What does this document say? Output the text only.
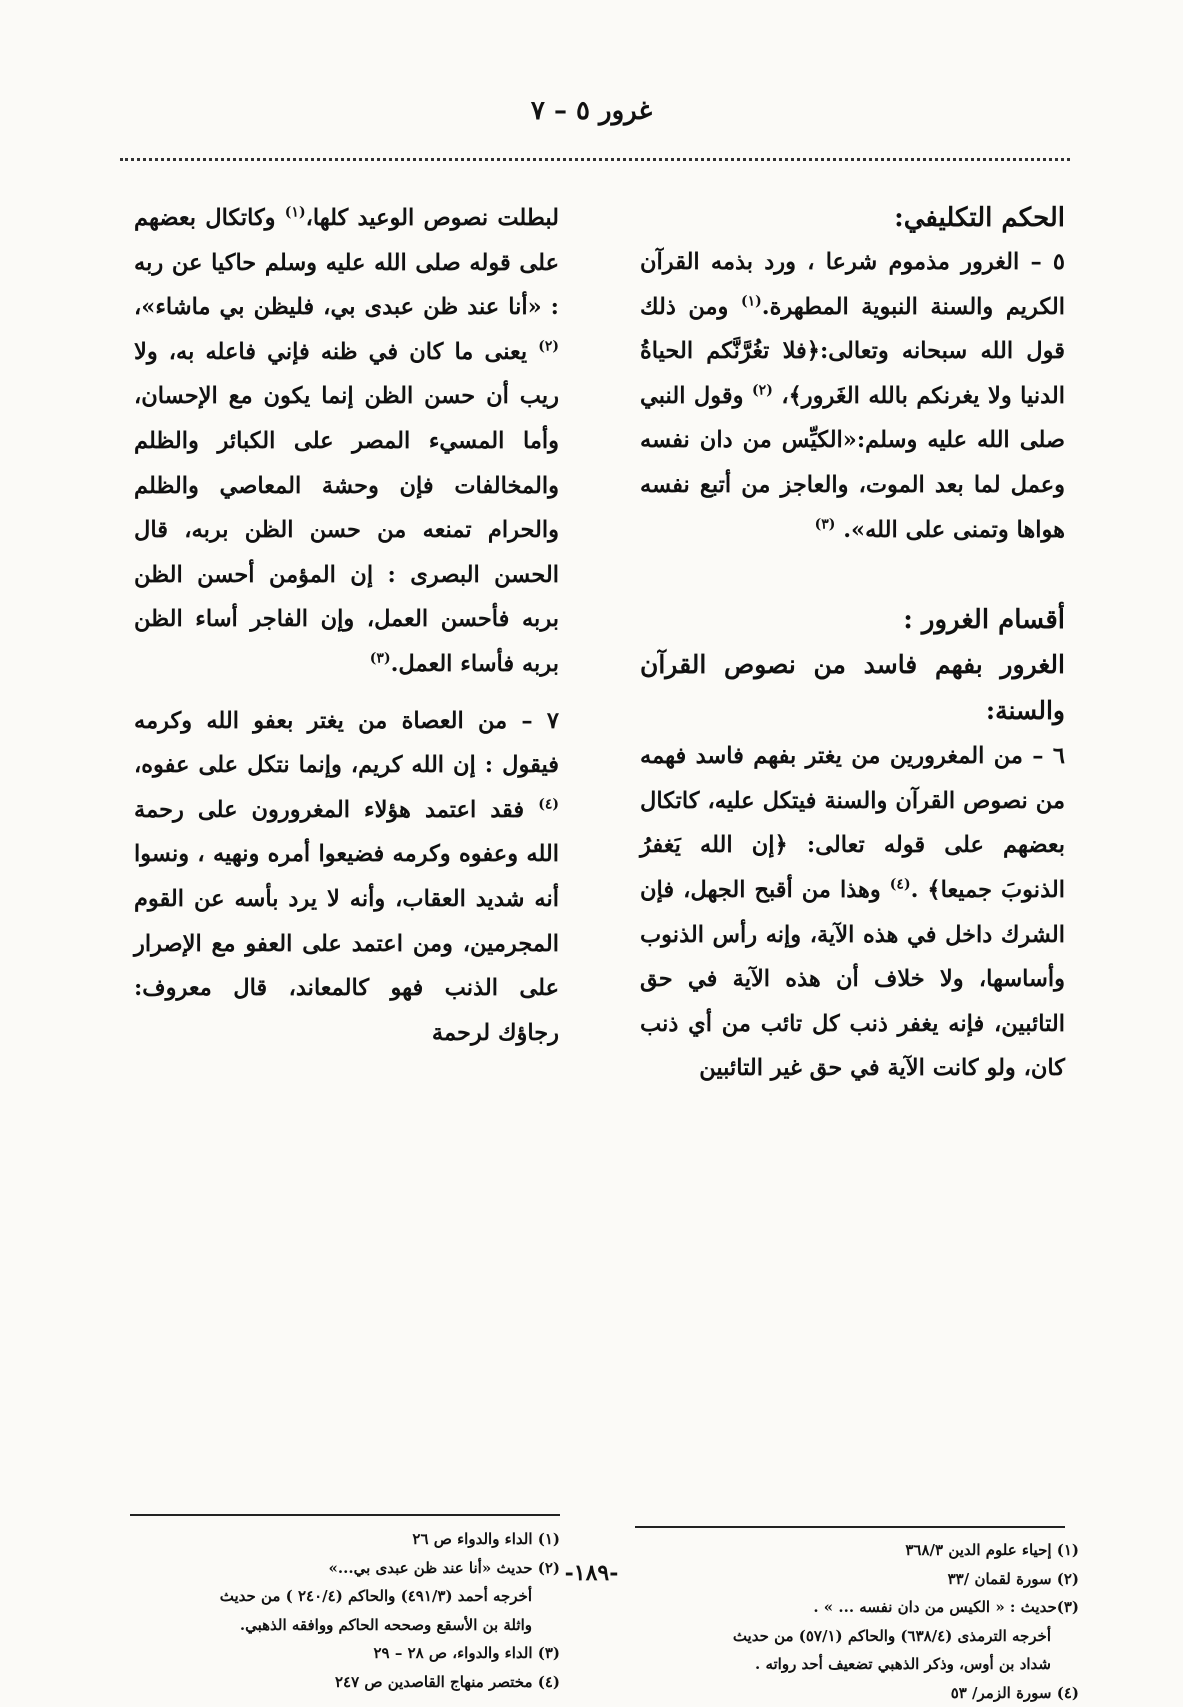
غرور ٥ – ٧
الحكم التكليفي:

٥ – الغرور مذموم شرعا ، ورد بذمه القرآن الكريم والسنة النبوية المطهرة.$^{(١)}$ ومن ذلك قول الله سبحانه وتعالى:﴿فلا تغُرَّنَّكم الحياةُ الدنيا ولا يغرنكم بالله الغَرور﴾، $^{(٢)}$ وقول النبي صلى الله عليه وسلم:«الكيِّس من دان نفسه وعمل لما بعد الموت، والعاجز من أتبع نفسه هواها وتمنى على الله». $^{(٣)}$

أقسام الغرور :
الغرور بفهم فاسد من نصوص القرآن والسنة:

٦ – من المغرورين من يغتر بفهم فاسد فهمه من نصوص القرآن والسنة فيتكل عليه، كاتكال بعضهم على قوله تعالى: ﴿إن الله يَغفرُ الذنوبَ جميعا﴾ .$^{(٤)}$ وهذا من أقبح الجهل، فإن الشرك داخل في هذه الآية، وإنه رأس الذنوب وأساسها، ولا خلاف أن هذه الآية في حق التائبين، فإنه يغفر ذنب كل تائب من أي ذنب كان، ولو كانت الآية في حق غير التائبين

لبطلت نصوص الوعيد كلها،$^{(١)}$ وكاتكال بعضهم على قوله صلى الله عليه وسلم حاكيا عن ربه : «أنا عند ظن عبدى بي، فليظن بي ماشاء»، $^{(٢)}$ يعنى ما كان في ظنه فإني فاعله به، ولا ريب أن حسن الظن إنما يكون مع الإحسان، وأما المسيء المصر على الكبائر والظلم والمخالفات فإن وحشة المعاصي والظلم والحرام تمنعه من حسن الظن بربه، قال الحسن البصرى : إن المؤمن أحسن الظن بربه فأحسن العمل، وإن الفاجر أساء الظن بربه فأساء العمل.$^{(٣)}$

٧ – من العصاة من يغتر بعفو الله وكرمه فيقول : إن الله كريم، وإنما نتكل على عفوه، $^{(٤)}$ فقد اعتمد هؤلاء المغرورون على رحمة الله وعفوه وكرمه فضيعوا أمره ونهيه ، ونسوا أنه شديد العقاب، وأنه لا يرد بأسه عن القوم المجرمين، ومن اعتمد على العفو مع الإصرار على الذنب فهو كالمعاند، قال معروف: رجاؤك لرحمة

(١) إحياء علوم الدين ٣٦٨/٣
(٢) سورة لقمان /٣٣
(٣)حديث : « الكيس من دان نفسه ... » .
أخرجه الترمذى (٦٣٨/٤) والحاكم (٥٧/١) من حديث
شداد بن أوس، وذكر الذهبي تضعيف أحد رواته .
(٤) سورة الزمر/ ٥٣
(١) الداء والدواء ص ٢٦
(٢) حديث «أنا عند ظن عبدى بي...»
أخرجه أحمد (٤٩١/٣) والحاكم (٢٤٠/٤ ) من حديث
واثلة بن الأسقع وصححه الحاكم ووافقه الذهبي.
(٣) الداء والدواء، ص ٢٨ – ٢٩
(٤) مختصر منهاج القاصدين ص ٢٤٧
-١٨٩-
